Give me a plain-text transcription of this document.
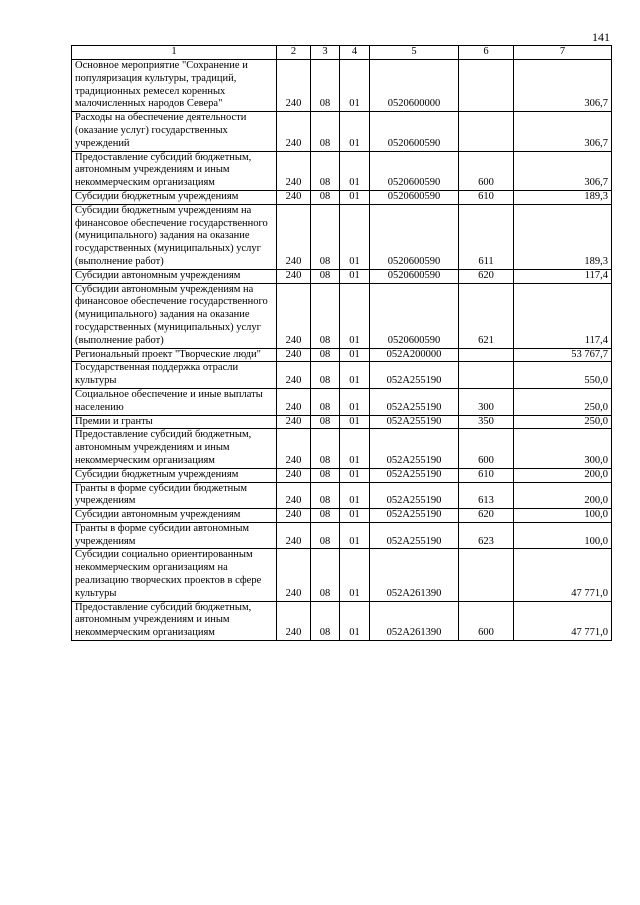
141
1	2	3	4	5	6	7
Основное мероприятие "Сохранение и популяризация культуры, традиций, традиционных ремесел коренных малочисленных народов Севера"	240	08	01	0520600000		306,7
Расходы на обеспечение деятельности (оказание услуг) государственных учреждений	240	08	01	0520600590		306,7
Предоставление субсидий бюджетным, автономным учреждениям и иным некоммерческим организациям	240	08	01	0520600590	600	306,7
Субсидии бюджетным учреждениям	240	08	01	0520600590	610	189,3
Субсидии бюджетным учреждениям на финансовое обеспечение государственного (муниципального) задания на оказание государственных (муниципальных) услуг (выполнение работ)	240	08	01	0520600590	611	189,3
Субсидии автономным учреждениям	240	08	01	0520600590	620	117,4
Субсидии автономным учреждениям на финансовое обеспечение государственного (муниципального) задания на оказание государственных (муниципальных) услуг (выполнение работ)	240	08	01	0520600590	621	117,4
Региональный проект "Творческие люди"	240	08	01	052A200000		53 767,7
Государственная поддержка отрасли культуры	240	08	01	052A255190		550,0
Социальное обеспечение и иные выплаты населению	240	08	01	052A255190	300	250,0
Премии и гранты	240	08	01	052A255190	350	250,0
Предоставление субсидий бюджетным, автономным учреждениям и иным некоммерческим организациям	240	08	01	052A255190	600	300,0
Субсидии бюджетным учреждениям	240	08	01	052A255190	610	200,0
Гранты в форме субсидии бюджетным учреждениям	240	08	01	052A255190	613	200,0
Субсидии автономным учреждениям	240	08	01	052A255190	620	100,0
Гранты в форме субсидии автономным учреждениям	240	08	01	052A255190	623	100,0
Субсидии социально ориентированным некоммерческим организациям на реализацию творческих проектов в сфере культуры	240	08	01	052A261390		47 771,0
Предоставление субсидий бюджетным, автономным учреждениям и иным некоммерческим организациям	240	08	01	052A261390	600	47 771,0
